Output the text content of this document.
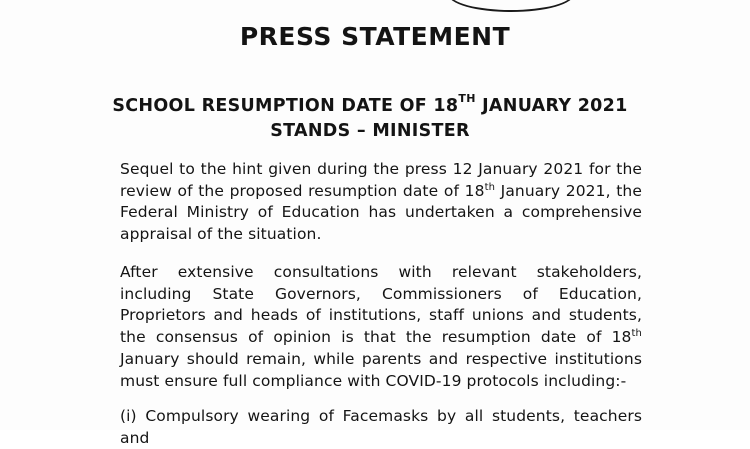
PRESS STATEMENT
SCHOOL RESUMPTION DATE OF 18TH JANUARY 2021
STANDS – MINISTER

Sequel to the hint given during the press 12 January 2021 for the review of the proposed resumption date of 18th January 2021, the Federal Ministry of Education has undertaken a comprehensive appraisal of the situation.

After extensive consultations with relevant stakeholders, including State Governors, Commissioners of Education, Proprietors and heads of institutions, staff unions and students, the consensus of opinion is that the resumption date of 18th January should remain, while parents and respective institutions must ensure full compliance with COVID-19 protocols including:-

(i) Compulsory wearing of Facemasks by all students, teachers and
